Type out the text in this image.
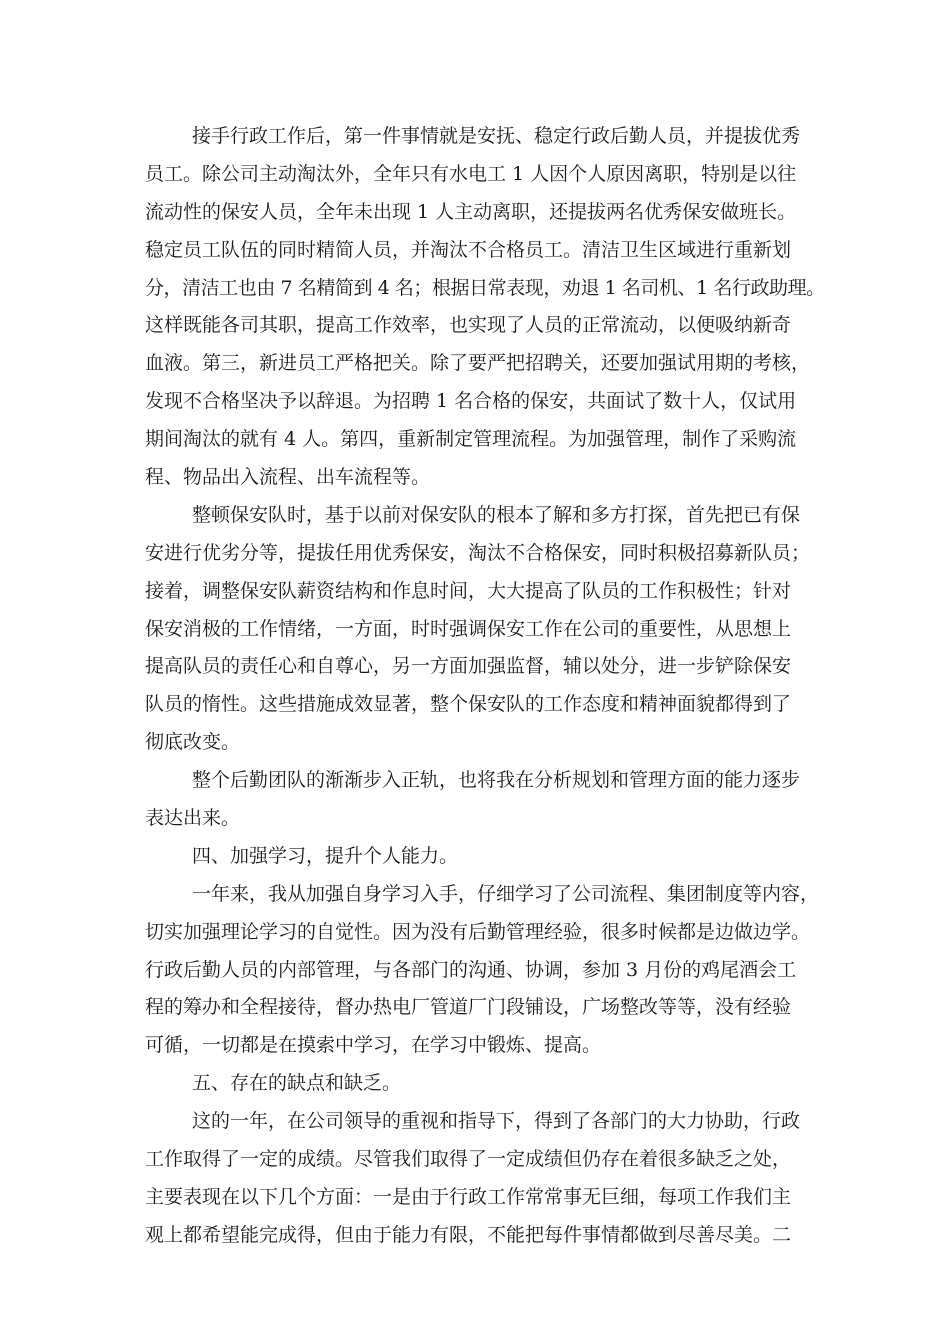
接手行政工作后，第一件事情就是安抚、稳定行政后勤人员，并提拔优秀
员工。除公司主动淘汰外，全年只有水电工 1 人因个人原因离职，特别是以往
流动性的保安人员，全年未出现 1 人主动离职，还提拔两名优秀保安做班长。
稳定员工队伍的同时精简人员，并淘汰不合格员工。清洁卫生区域进行重新划
分，清洁工也由 7 名精简到 4 名；根据日常表现，劝退 1 名司机、1 名行政助理。
这样既能各司其职，提高工作效率，也实现了人员的正常流动，以便吸纳新奇
血液。第三，新进员工严格把关。除了要严把招聘关，还要加强试用期的考核，
发现不合格坚决予以辞退。为招聘 1 名合格的保安，共面试了数十人，仅试用
期间淘汰的就有 4 人。第四，重新制定管理流程。为加强管理，制作了采购流
程、物品出入流程、出车流程等。
整顿保安队时，基于以前对保安队的根本了解和多方打探，首先把已有保
安进行优劣分等，提拔任用优秀保安，淘汰不合格保安，同时积极招募新队员；
接着，调整保安队薪资结构和作息时间，大大提高了队员的工作积极性；针对
保安消极的工作情绪，一方面，时时强调保安工作在公司的重要性，从思想上
提高队员的责任心和自尊心，另一方面加强监督，辅以处分，进一步铲除保安
队员的惰性。这些措施成效显著，整个保安队的工作态度和精神面貌都得到了
彻底改变。
整个后勤团队的渐渐步入正轨，也将我在分析规划和管理方面的能力逐步
表达出来。
四、加强学习，提升个人能力。
一年来，我从加强自身学习入手，仔细学习了公司流程、集团制度等内容，
切实加强理论学习的自觉性。因为没有后勤管理经验，很多时候都是边做边学。
行政后勤人员的内部管理，与各部门的沟通、协调，参加 3 月份的鸡尾酒会工
程的筹办和全程接待，督办热电厂管道厂门段铺设，广场整改等等，没有经验
可循，一切都是在摸索中学习，在学习中锻炼、提高。
五、存在的缺点和缺乏。
这的一年，在公司领导的重视和指导下，得到了各部门的大力协助，行政
工作取得了一定的成绩。尽管我们取得了一定成绩但仍存在着很多缺乏之处，
主要表现在以下几个方面：一是由于行政工作常常事无巨细，每项工作我们主
观上都希望能完成得，但由于能力有限，不能把每件事情都做到尽善尽美。二
